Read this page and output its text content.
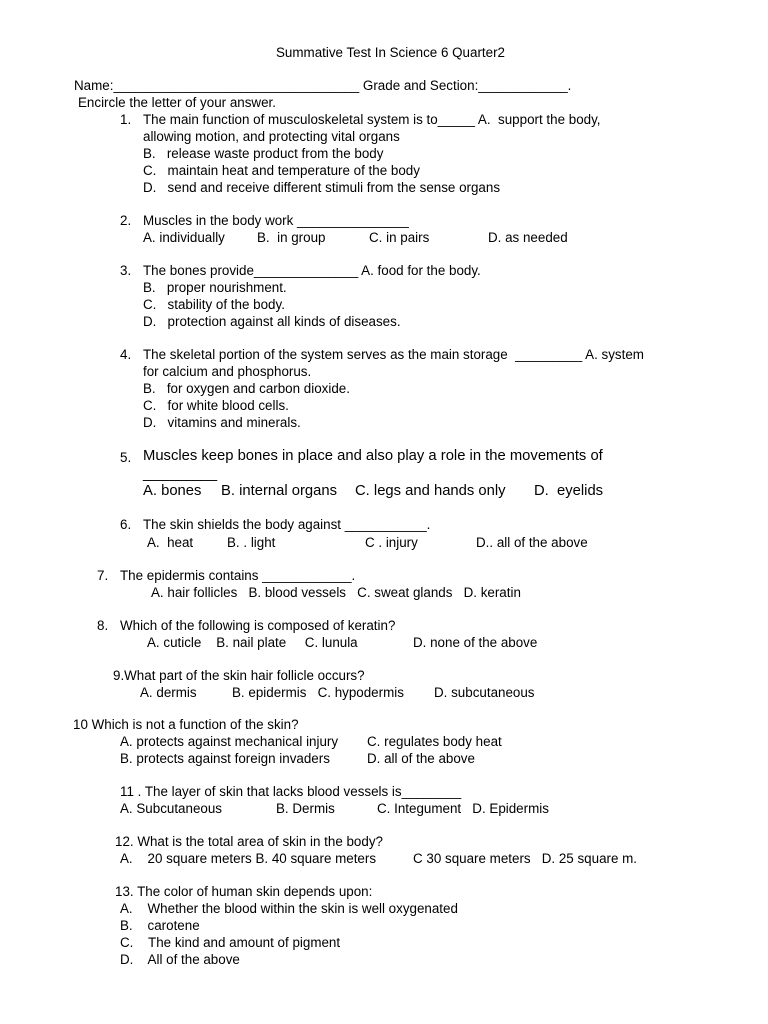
Summative Test In Science 6 Quarter2
Name:_________________________________ Grade and Section:____________.
Encircle the letter of your answer.
1. The main function of musculoskeletal system is to_____ A.  support the body,
allowing motion, and protecting vital organs
B.   release waste product from the body
C.   maintain heat and temperature of the body
D.   send and receive different stimuli from the sense organs
2. Muscles in the body work _______________
A. individually B.  in group	C. in pairs	D. as needed
3. The bones provide______________ A. food for the body.
B.   proper nourishment.
C.   stability of the body.
D.   protection against all kinds of diseases.
4. The skeletal portion of the system serves as the main storage  _________ A. system
for calcium and phosphorus.
B.   for oxygen and carbon dioxide.
C.   for white blood cells.
D.   vitamins and minerals.
5. Muscles keep bones in place and also play a role in the movements of
_________
A. bones B. internal organs C. legs and hands only D.  eyelids
6. The skin shields the body against ___________.
A.  heat	B. . light	C . injury	D.. all of the above
7. The epidermis contains ____________.
A. hair follicles   B. blood vessels   C. sweat glands   D. keratin
8. Which of the following is composed of keratin?
A. cuticle    B. nail plate     C. lunula	D. none of the above
9.What part of the skin hair follicle occurs?
A. dermis	B. epidermis   C. hypodermis D. subcutaneous
10 Which is not a function of the skin?
A. protects against mechanical injury C. regulates body heat
B. protects against foreign invaders	D. all of the above
11 . The layer of skin that lacks blood vessels is________
A. Subcutaneous	B. Dermis	C. Integument   D. Epidermis
12. What is the total area of skin in the body?
A.    20 square meters B. 40 square meters	C 30 square meters   D. 25 square m.
13. The color of human skin depends upon:
A.    Whether the blood within the skin is well oxygenated
B.    carotene
C.    The kind and amount of pigment
D.    All of the above
